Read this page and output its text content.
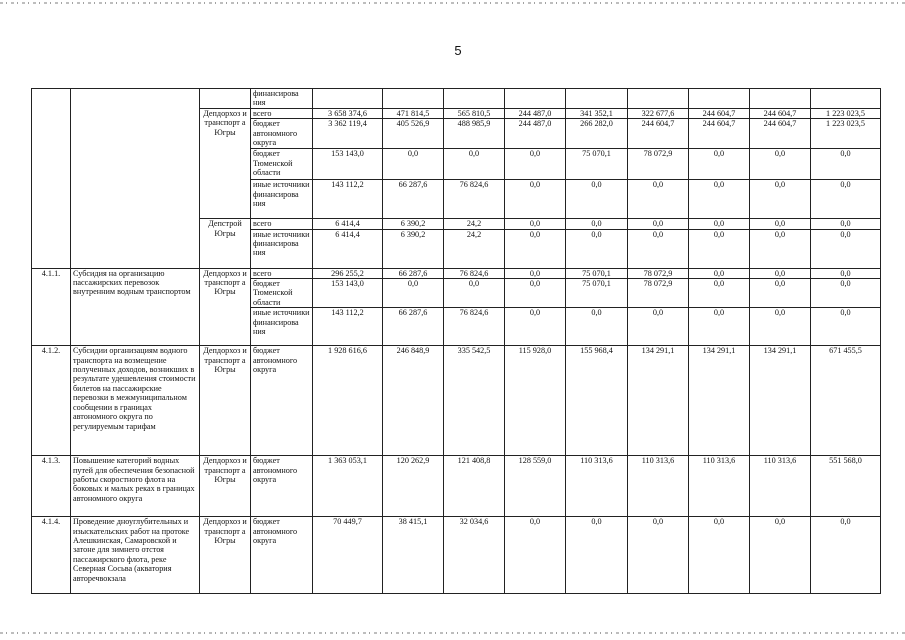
5
			финансирова ния									
		Депдорхоз и транспорт а Югры	всего	3 658 374,6	471 814,5	565 810,5	244 487,0	341 352,1	322 677,6	244 604,7	244 604,7	1 223 023,5
			бюджет автономного округа	3 362 119,4	405 526,9	488 985,9	244 487,0	266 282,0	244 604,7	244 604,7	244 604,7	1 223 023,5
			бюджет Тюменской области	153 143,0	0,0	0,0	0,0	75 070,1	78 072,9	0,0	0,0	0,0
			иные источники финансирова ния	143 112,2	66 287,6	76 824,6	0,0	0,0	0,0	0,0	0,0	0,0
		Депстрой Югры	всего	6 414,4	6 390,2	24,2	0,0	0,0	0,0	0,0	0,0	0,0
			иные источники финансирова ния	6 414,4	6 390,2	24,2	0,0	0,0	0,0	0,0	0,0	0,0
4.1.1.	Субсидия на организацию пассажирских перевозок внутренним водным транспортом	Депдорхоз и транспорт а Югры	всего	296 255,2	66 287,6	76 824,6	0,0	75 070,1	78 072,9	0,0	0,0	0,0
			бюджет Тюменской области	153 143,0	0,0	0,0	0,0	75 070,1	78 072,9	0,0	0,0	0,0
			иные источники финансирова ния	143 112,2	66 287,6	76 824,6	0,0	0,0	0,0	0,0	0,0	0,0
4.1.2.	Субсидии организациям водного транспорта на возмещение полученных доходов, возникших в результате удешевления стоимости билетов на пассажирские перевозки в межмуниципальном сообщении в границах автономного округа по регулируемым тарифам	Депдорхоз и транспорт а Югры	бюджет автономного округа	1 928 616,6	246 848,9	335 542,5	115 928,0	155 968,4	134 291,1	134 291,1	134 291,1	671 455,5
4.1.3.	Повышение категорий водных путей для обеспечения безопасной работы скоростного флота на боковых и малых реках в границах автономного округа	Депдорхоз и транспорт а Югры	бюджет автономного округа	1 363 053,1	120 262,9	121 408,8	128 559,0	110 313,6	110 313,6	110 313,6	110 313,6	551 568,0
4.1.4.	Проведение дноуглубительных и изыскательских работ на протоке Алешкинская, Самаровской и затоне для зимнего отстоя пассажирского флота, реке Северная Сосьва (акватория автоpечвокзала	Депдорхоз и транспорт а Югры	бюджет автономного округа	70 449,7	38 415,1	32 034,6	0,0	0,0	0,0	0,0	0,0	0,0
